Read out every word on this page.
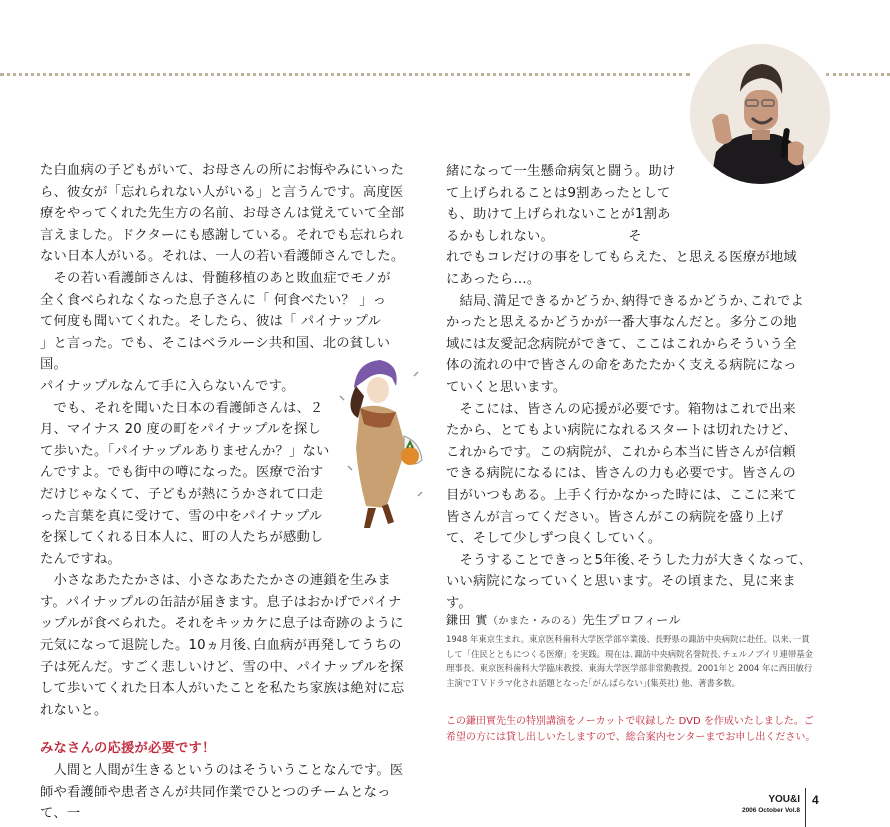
た白血病の子どもがいて、お母さんの所にお悔やみにいったら、彼女が「忘れられない人がいる」と言うんです。高度医療をやってくれた先生方の名前、お母さんは覚えていて全部言えました。ドクターにも感謝している。それでも忘れられない日本人がいる。それは、一人の若い看護師さんでした。

　その若い看護師さんは、骨髄移植のあと敗血症でモノが全く食べられなくなった息子さんに「 何食べたい？ 」って何度も聞いてくれた。そしたら、彼は「 パイナップル 」と言った。でも、そこはベラルーシ共和国、北の貧しい国。

パイナップルなんて手に入らないんです。

　でも、それを聞いた日本の看護師さんは、２月、マイナス 20 度の町をパイナップルを探して歩いた。「パイナップルありませんか？」ないんですよ。でも街中の噂になった。医療で治すだけじゃなくて、子どもが熱にうかされて口走った言葉を真に受けて、雪の中をパイナップルを探してくれる日本人に、町の人たちが感動したんですね。

　小さなあたたかさは、小さなあたたかさの連鎖を生みます。パイナップルの缶詰が届きます。息子はおかげでパイナップルが食べられた。それをキッカケに息子は奇跡のように元気になって退院した。10ヵ月後､白血病が再発してうちの子は死んだ。すごく悲しいけど、雪の中、パイナップルを探して歩いてくれた日本人がいたことを私たち家族は絶対に忘れないと。

みなさんの応援が必要です！

　人間と人間が生きるというのはそういうことなんです。医師や看護師や患者さんが共同作業でひとつのチームとなって、一

緒になって一生懸命病気と闘う。助けて上げられることは9割あったとしても、助けて上げられないことが1割あるかもしれない。　　　　　　そ

れでもコレだけの事をしてもらえた、と思える医療が地域にあったら…。

　結局､満足できるかどうか､納得できるかどうか､これでよかったと思えるかどうかが一番大事なんだと。多分この地域には友愛記念病院ができて、ここはこれからそういう全体の流れの中で皆さんの命をあたたかく支える病院になっていくと思います。

　そこには、皆さんの応援が必要です。箱物はこれで出来たから、とてもよい病院になれるスタートは切れたけど、これからです。この病院が、これから本当に皆さんが信頼できる病院になるには、皆さんの力も必要です。皆さんの目がいつもある。上手く行かなかった時には、ここに来て皆さんが言ってください。皆さんがこの病院を盛り上げて、そして少しずつ良くしていく。

　そうすることできっと5年後､そうした力が大きくなって､いい病院になっていくと思います。その頃また、見に来ます。

鎌田 實（かまた・みのる）先生プロフィール

1948 年東京生まれ。東京医科歯科大学医学部卒業後、長野県の諏訪中央病院に赴任。以来､一貫して「住民とともにつくる医療」を実践。現在は､諏訪中央病院名誉院長､チェルノブイリ連帯基金理事長、東京医科歯科大学臨床教授、東海大学医学部非常勤教授。2001年と 2004 年に西田敏行主演でＴＶドラマ化され話題となった｢がんばらない｣(集英社) 他、著書多数。

この鎌田實先生の特別講演をノーカットで収録した DVD を作成いたしました。ご希望の方には貸し出しいたしますので、総合案内センターまでお申し出ください。
YOU&I
2006 October Vol.8
4
